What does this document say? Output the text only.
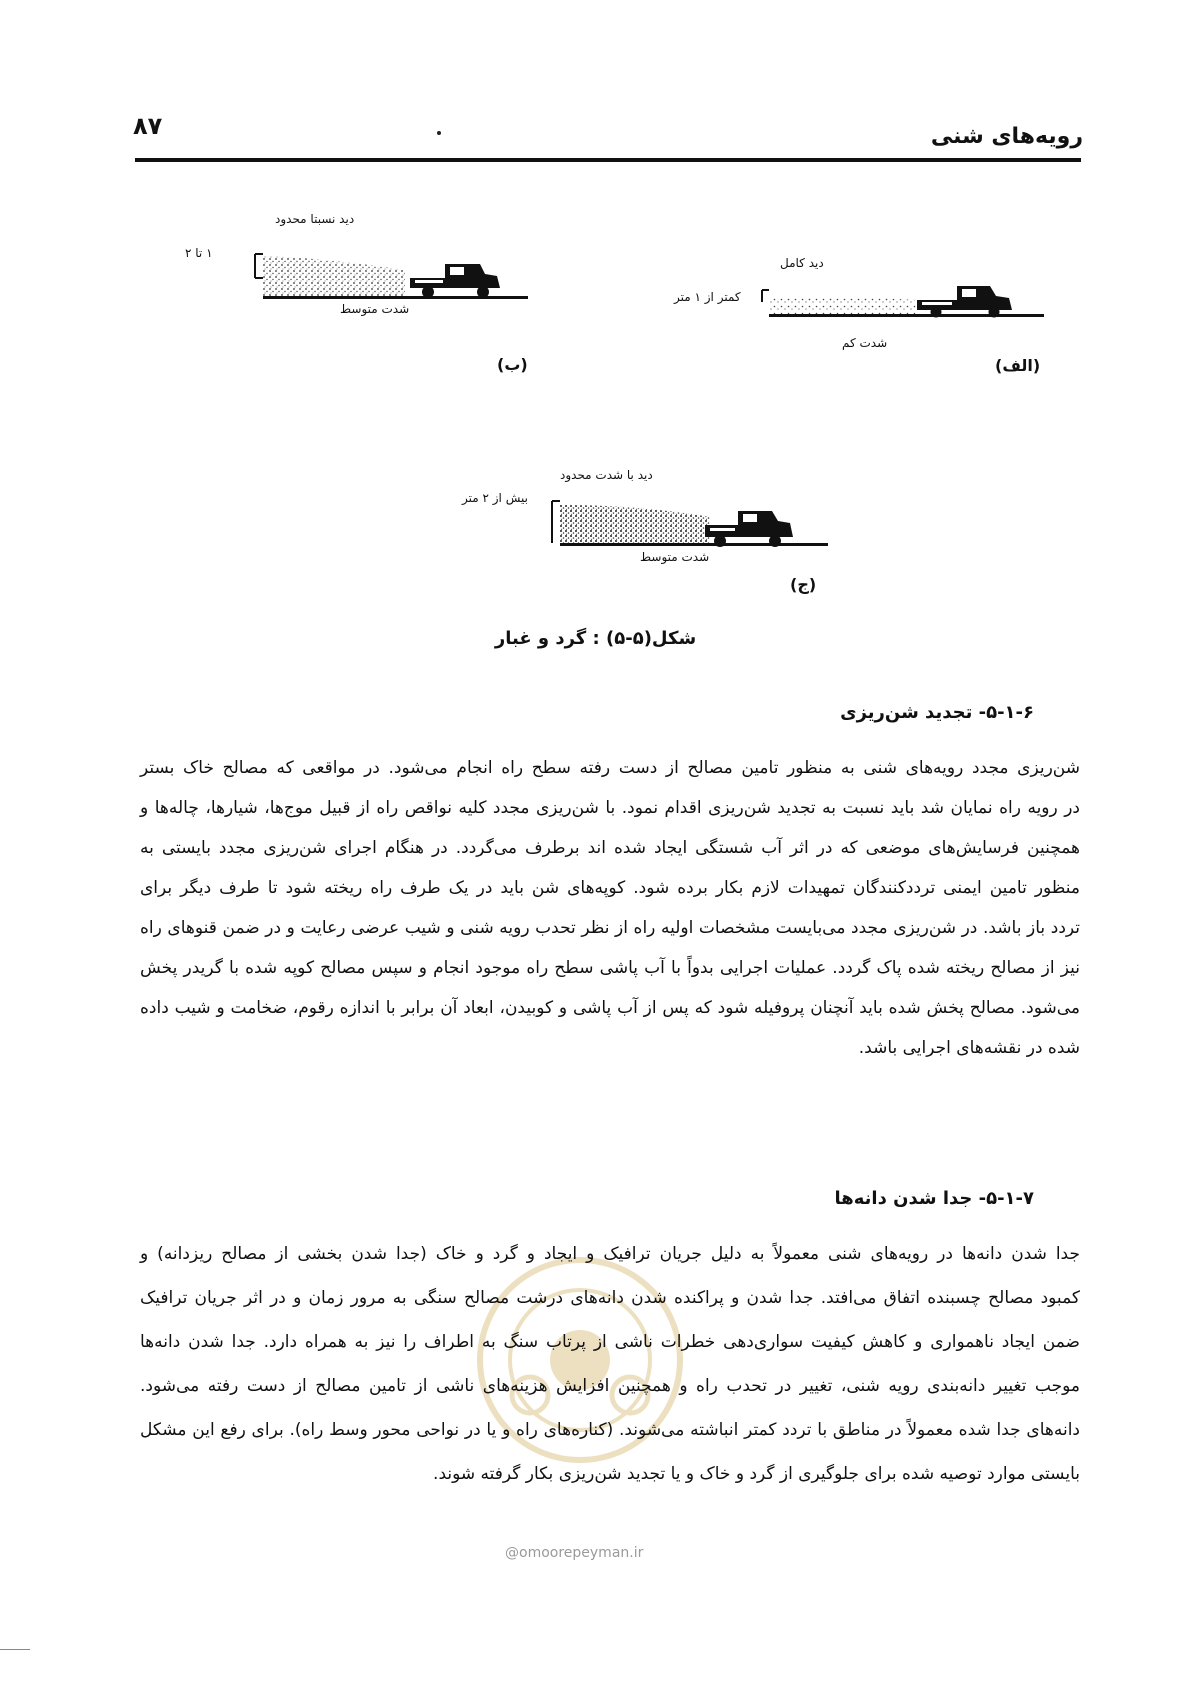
۸۷	رویه‌های شنی
دید نسبتا محدود
۱ تا ۲
شدت متوسط
(ب)
دید کامل
کمتر از ۱ متر
شدت کم
(الف)
دید با شدت محدود
بیش از ۲ متر
شدت متوسط
(ج)
شکل(۵-۵) : گرد و غبار
۵-۱-۶- تجدید شن‌ریزی
شن‌ریزی مجدد رویه‌های شنی به منظور تامین مصالح از دست رفته سطح راه انجام می‌شود. در مواقعی که مصالح خاک بستر
در رویه راه نمایان شد باید نسبت به تجدید شن‌ریزی اقدام نمود. با شن‌ریزی مجدد کلیه نواقص راه از قبیل موج‌ها، شیارها، چاله‌ها و
همچنین فرسایش‌های موضعی که در اثر آب شستگی ایجاد شده اند برطرف می‌گردد. در هنگام اجرای شن‌ریزی مجدد بایستی به
منظور تامین ایمنی ترددکنندگان تمهیدات لازم بکار برده شود. کوپه‌های شن باید در یک طرف راه ریخته شود تا طرف دیگر برای
تردد باز باشد. در شن‌ریزی مجدد می‌بایست مشخصات اولیه راه از نظر تحدب رویه شنی و شیب عرضی رعایت و در ضمن قنوهای راه
نیز از مصالح ریخته شده پاک گردد. عملیات اجرایی بدواً با آب پاشی سطح راه موجود انجام و سپس مصالح کوپه شده با گریدر پخش
می‌شود. مصالح پخش شده باید آنچنان پروفیله شود که پس از آب پاشی و کوبیدن، ابعاد آن برابر با اندازه رقوم، ضخامت و شیب داده
شده در نقشه‌های اجرایی باشد.
۵-۱-۷- جدا شدن دانه‌ها
جدا شدن دانه‌ها در رویه‌های شنی معمولاً به دلیل جریان ترافیک و ایجاد و گرد و خاک (جدا شدن بخشی از مصالح ریزدانه) و
کمبود مصالح چسبنده اتفاق می‌افتد. جدا شدن و پراکنده شدن دانه‌های درشت مصالح سنگی به مرور زمان و در اثر جریان ترافیک
ضمن ایجاد ناهمواری و کاهش کیفیت سواری‌دهی خطرات ناشی از پرتاب سنگ به اطراف را نیز به همراه دارد. جدا شدن دانه‌ها
موجب تغییر دانه‌بندی رویه شنی، تغییر در تحدب راه و همچنین افزایش هزینه‌های ناشی از تامین مصالح از دست رفته می‌شود.
دانه‌های جدا شده معمولاً در مناطق با تردد کمتر انباشته می‌شوند. (کناره‌های راه و یا در نواحی محور وسط راه). برای رفع این مشکل
بایستی موارد توصیه شده برای جلوگیری از گرد و خاک و یا تجدید شن‌ریزی بکار گرفته شوند.
@omoorepeyman.ir
